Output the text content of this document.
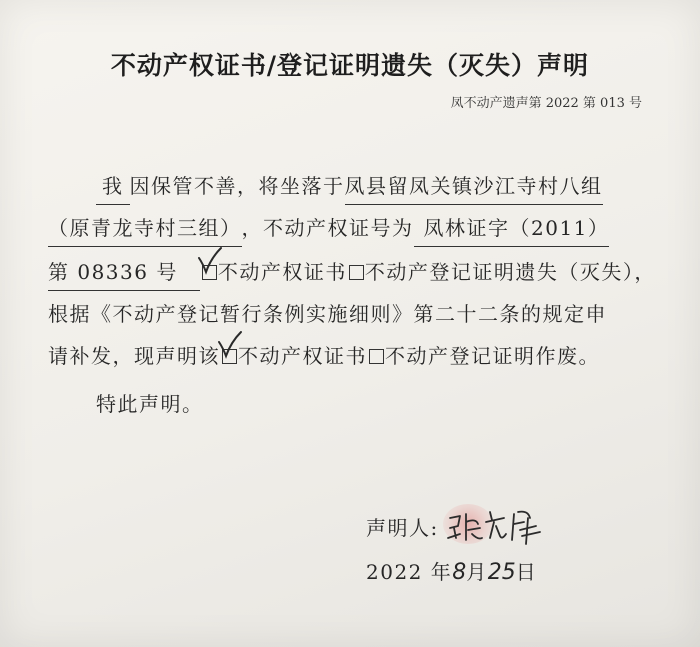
不动产权证书/登记证明遗失（灭失）声明
凤不动产遗声第 2022 第 013 号
我 因保管不善，将坐落于凤县留凤关镇沙江寺村八组
（原青龙寺村三组），不动产权证号为 凤林证字（2011）
第 08336 号 不动产权证书 不动产登记证明遗失（灭失），
根据《不动产登记暂行条例实施细则》第二十二条的规定申
请补发，现声明该 不动产权证书 不动产登记证明作废。
特此声明。
声明人:
2022 年8月25日
